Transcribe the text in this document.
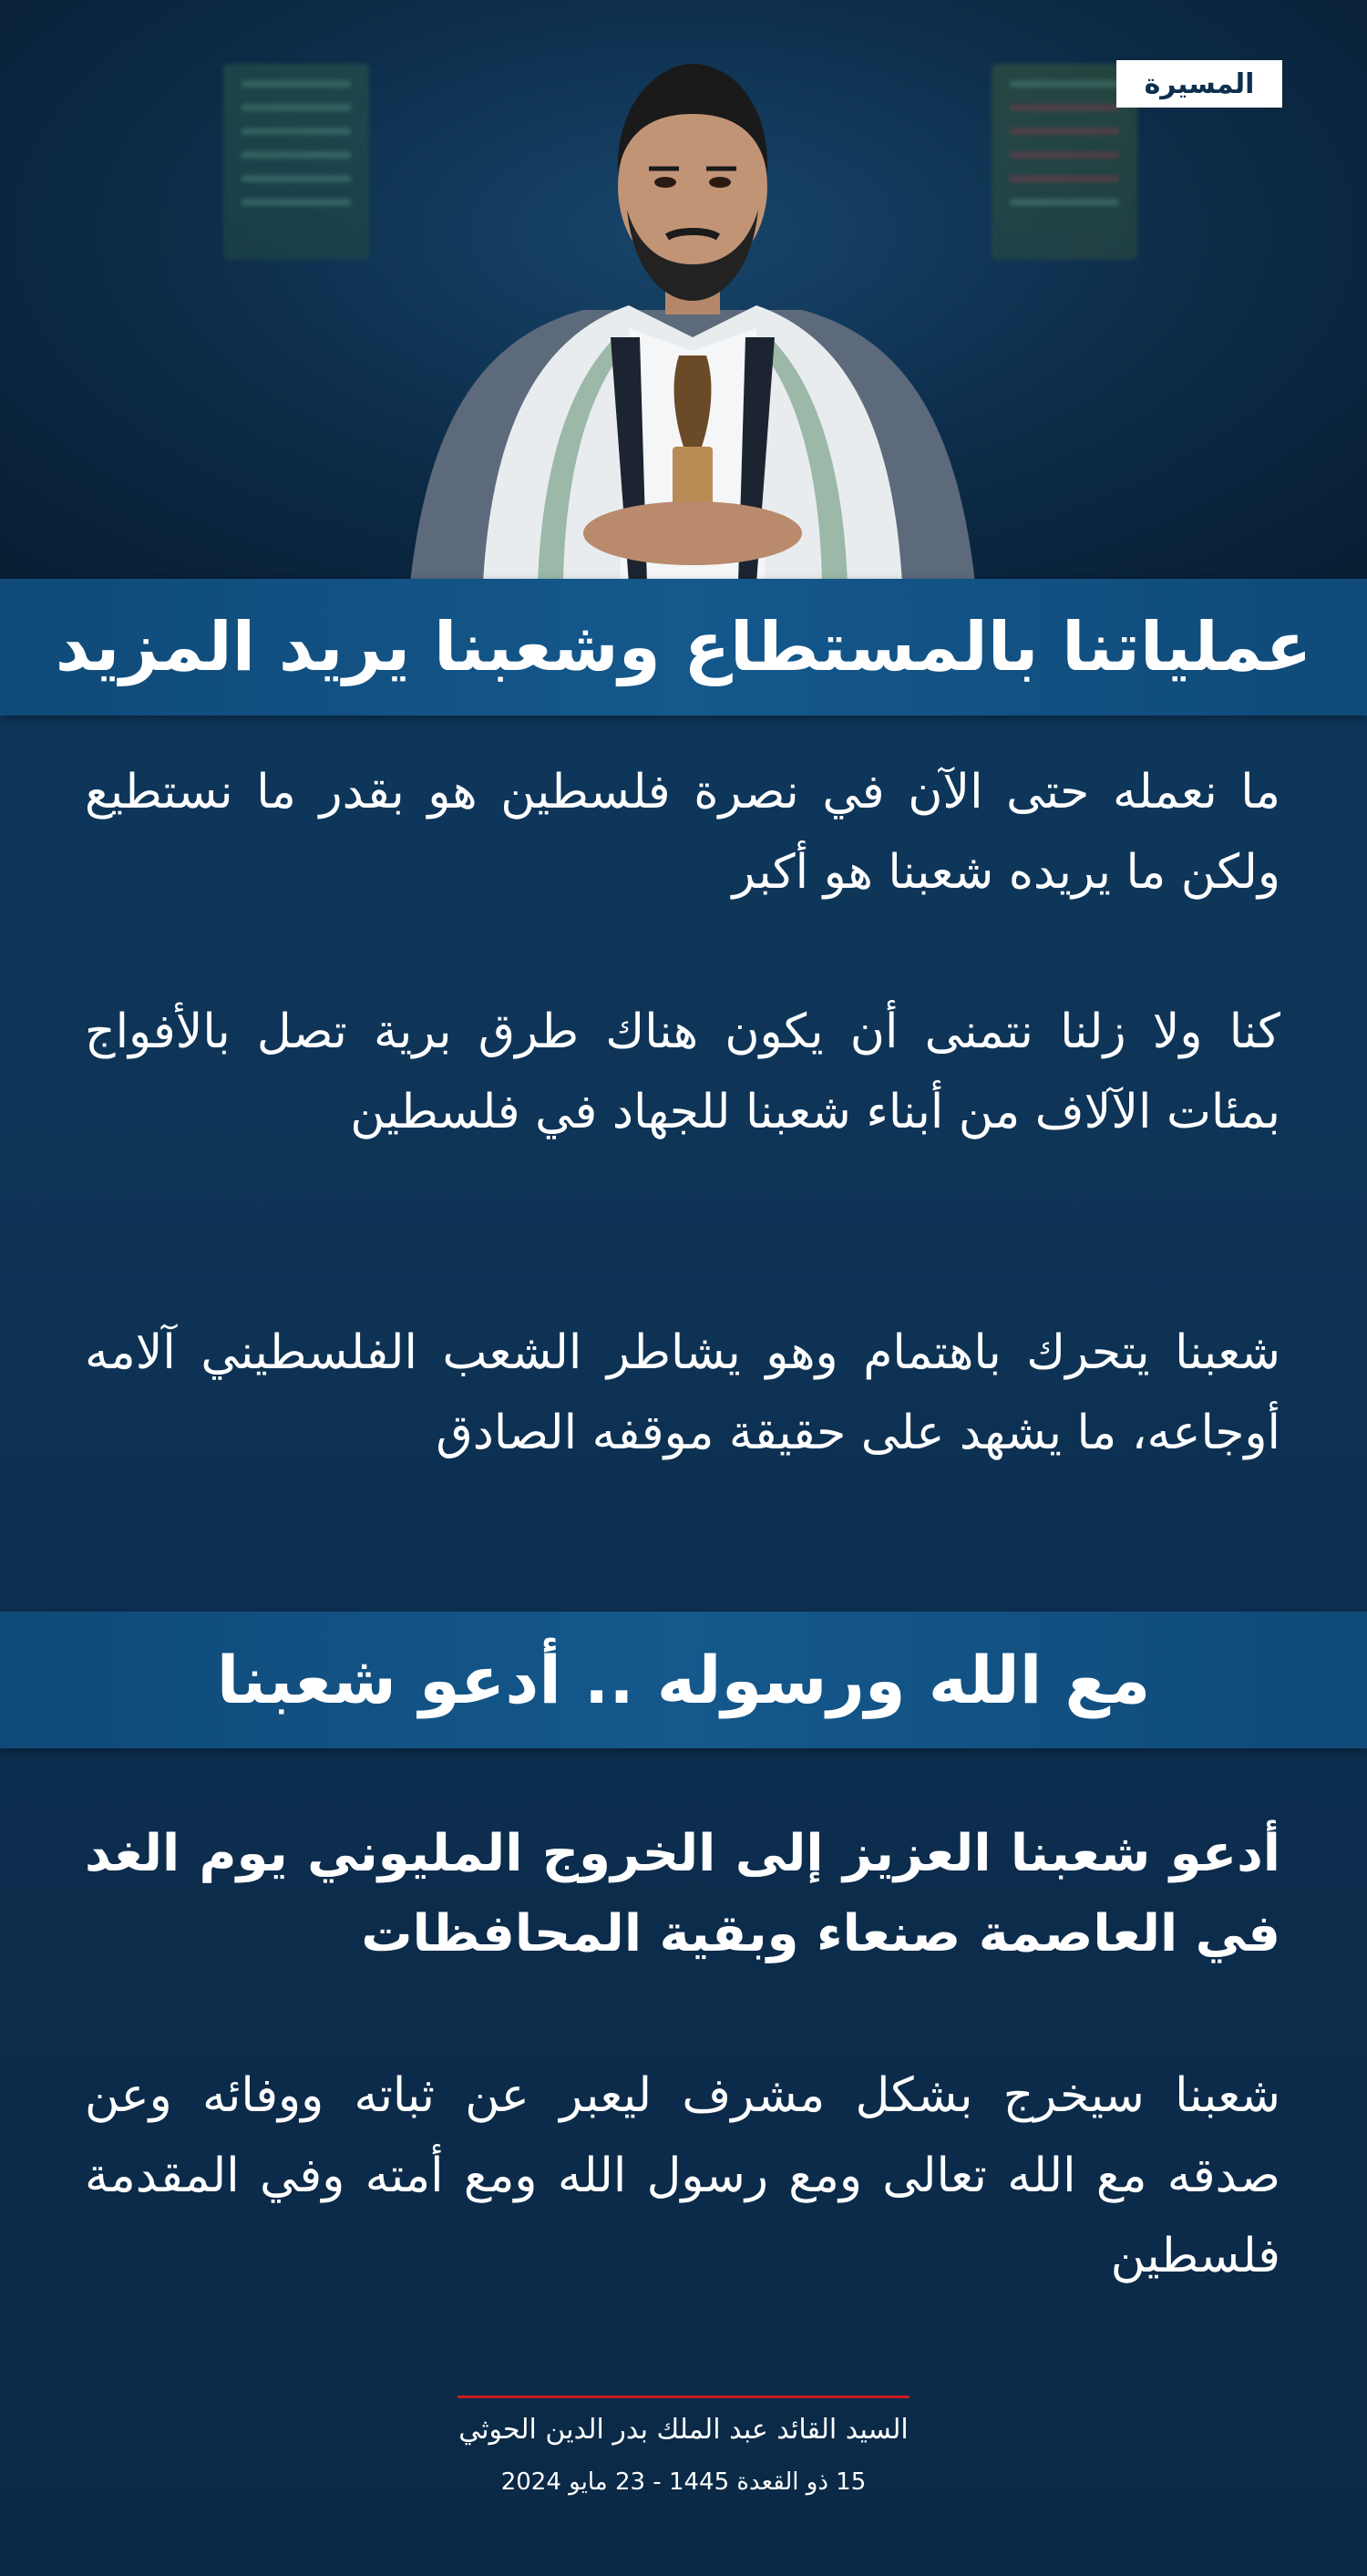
المسيرة
عملياتنا بالمستطاع وشعبنا يريد المزيد

ما نعمله حتى الآن في نصرة فلسطين هو بقدر ما نستطيع ولكن ما يريده شعبنا هو أكبر

كنا ولا زلنا نتمنى أن يكون هناك طرق برية تصل بالأفواج بمئات الآلاف من أبناء شعبنا للجهاد في فلسطين

شعبنا يتحرك باهتمام وهو يشاطر الشعب الفلسطيني آلامه أوجاعه، ما يشهد على حقيقة موقفه الصادق

مع الله ورسوله .. أدعو شعبنا

أدعو شعبنا العزيز إلى الخروج المليوني يوم الغد في العاصمة صنعاء وبقية المحافظات

شعبنا سيخرج بشكل مشرف ليعبر عن ثباته ووفائه وعن صدقه مع الله تعالى ومع رسول الله ومع أمته وفي المقدمة فلسطين

السيد القائد عبد الملك بدر الدين الحوثي
15 ذو القعدة 1445 - 23 مايو 2024
